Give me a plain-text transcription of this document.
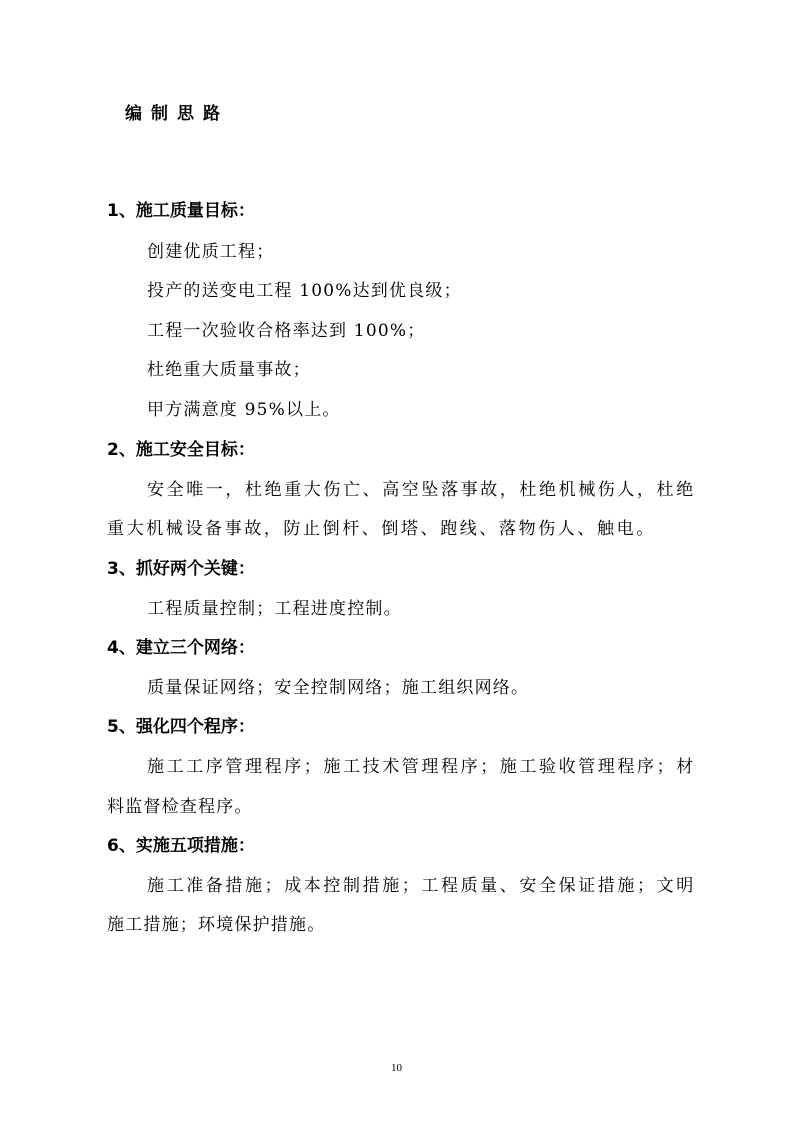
编制思路
1、施工质量目标：
创建优质工程；
投产的送变电工程 100%达到优良级；
工程一次验收合格率达到 100%；
杜绝重大质量事故；
甲方满意度 95%以上。
2、施工安全目标：
安全唯一，杜绝重大伤亡、高空坠落事故，杜绝机械伤人，杜绝
重大机械设备事故，防止倒杆、倒塔、跑线、落物伤人、触电。
3、抓好两个关键：
工程质量控制；工程进度控制。
4、建立三个网络：
质量保证网络；安全控制网络；施工组织网络。
5、强化四个程序：
施工工序管理程序；施工技术管理程序；施工验收管理程序；材
料监督检查程序。
6、实施五项措施：
施工准备措施；成本控制措施；工程质量、安全保证措施；文明
施工措施；环境保护措施。
10
